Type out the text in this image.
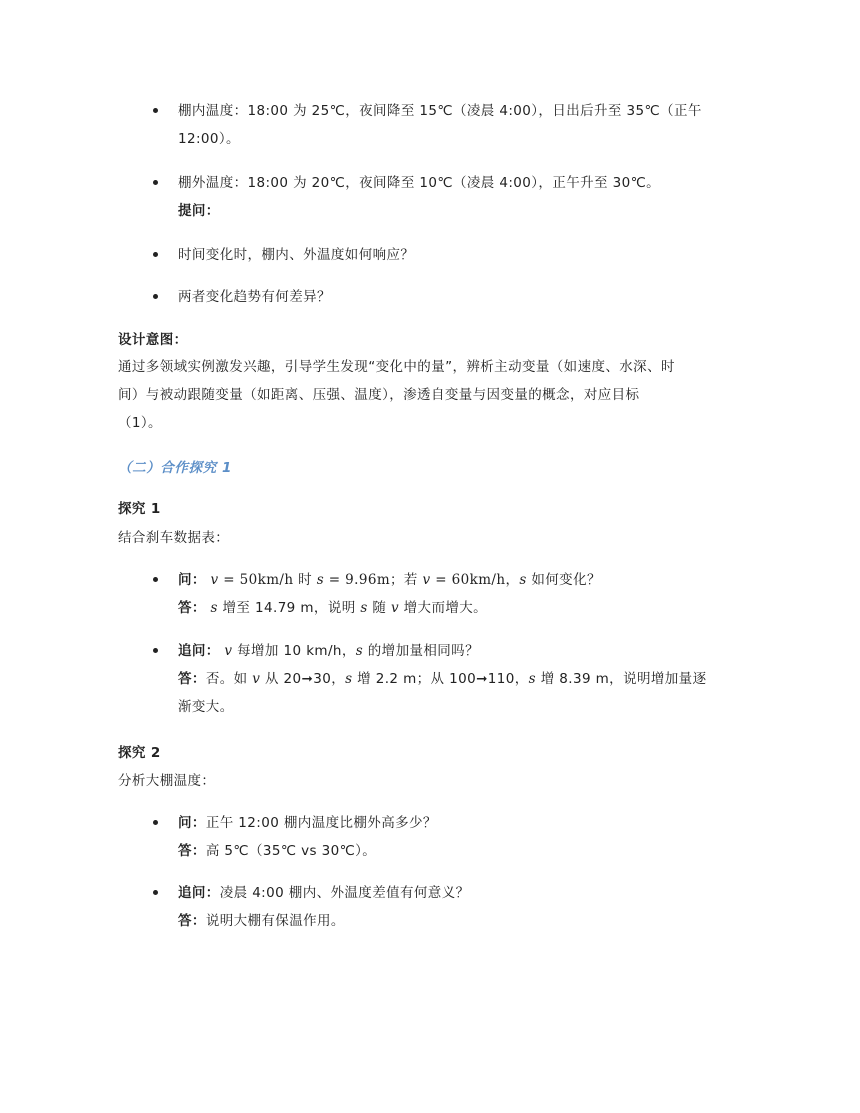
棚内温度：18:00 为 25℃，夜间降至 15℃（凌晨 4:00），日出后升至 35℃（正午
12:00）。
棚外温度：18:00 为 20℃，夜间降至 10℃（凌晨 4:00），正午升至 30℃。
提问：
时间变化时，棚内、外温度如何响应？
两者变化趋势有何差异？
设计意图：
通过多领域实例激发兴趣，引导学生发现“变化中的量”，辨析主动变量（如速度、水深、时
间）与被动跟随变量（如距离、压强、温度），渗透自变量与因变量的概念，对应目标
（1）。
（二）合作探究 1
探究 1
结合刹车数据表：
问： v = 50km/h 时 s = 9.96m；若 v = 60km/h，s 如何变化？
答： s 增至 14.79 m，说明 s 随 v 增大而增大。
追问： v 每增加 10 km/h，s 的增加量相同吗？
答：否。如 v 从 20➞30，s 增 2.2 m；从 100➞110，s 增 8.39 m，说明增加量逐
渐变大。
探究 2
分析大棚温度：
问：正午 12:00 棚内温度比棚外高多少？
答：高 5℃（35℃ vs 30℃）。
追问：凌晨 4:00 棚内、外温度差值有何意义？
答：说明大棚有保温作用。
